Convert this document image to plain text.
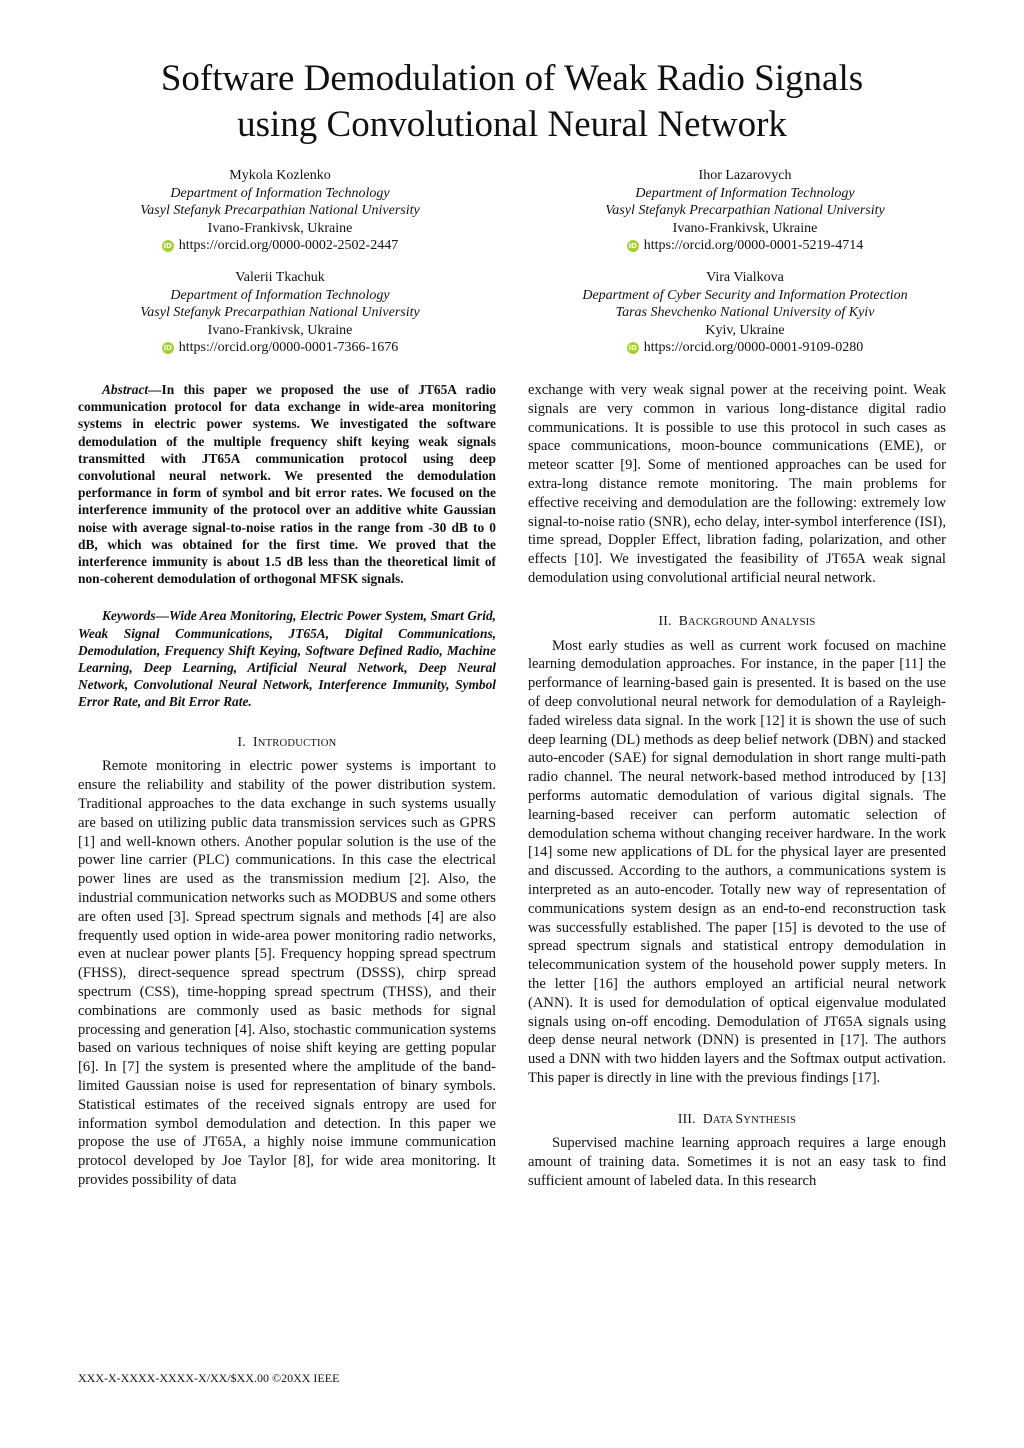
Software Demodulation of Weak Radio Signals
using Convolutional Neural Network
Mykola Kozlenko
Department of Information Technology
Vasyl Stefanyk Precarpathian National University
Ivano-Frankivsk, Ukraine
iD https://orcid.org/0000-0002-2502-2447
Ihor Lazarovych
Department of Information Technology
Vasyl Stefanyk Precarpathian National University
Ivano-Frankivsk, Ukraine
iD https://orcid.org/0000-0001-5219-4714
Valerii Tkachuk
Department of Information Technology
Vasyl Stefanyk Precarpathian National University
Ivano-Frankivsk, Ukraine
iD https://orcid.org/0000-0001-7366-1676
Vira Vialkova
Department of Cyber Security and Information Protection
Taras Shevchenko National University of Kyiv
Kyiv, Ukraine
iD https://orcid.org/0000-0001-9109-0280

Abstract—In this paper we proposed the use of JT65A radio communication protocol for data exchange in wide-area monitoring systems in electric power systems. We investigated the software demodulation of the multiple frequency shift keying weak signals transmitted with JT65A communication protocol using deep convolutional neural network. We presented the demodulation performance in form of symbol and bit error rates. We focused on the interference immunity of the protocol over an additive white Gaussian noise with average signal-to-noise ratios in the range from -30 dB to 0 dB, which was obtained for the first time. We proved that the interference immunity is about 1.5 dB less than the theoretical limit of non-coherent demodulation of orthogonal MFSK signals.

Keywords—Wide Area Monitoring, Electric Power System, Smart Grid, Weak Signal Communications, JT65A, Digital Communications, Demodulation, Frequency Shift Keying, Software Defined Radio, Machine Learning, Deep Learning, Artificial Neural Network, Deep Neural Network, Convolutional Neural Network, Interference Immunity, Symbol Error Rate, and Bit Error Rate.

I. INTRODUCTION

Remote monitoring in electric power systems is important to ensure the reliability and stability of the power distribution system. Traditional approaches to the data exchange in such systems usually are based on utilizing public data transmission services such as GPRS [1] and well-known others. Another popular solution is the use of the power line carrier (PLC) communications. In this case the electrical power lines are used as the transmission medium [2]. Also, the industrial communication networks such as MODBUS and some others are often used [3]. Spread spectrum signals and methods [4] are also frequently used option in wide-area power monitoring radio networks, even at nuclear power plants [5]. Frequency hopping spread spectrum (FHSS), direct-sequence spread spectrum (DSSS), chirp spread spectrum (CSS), time-hopping spread spectrum (THSS), and their combinations are commonly used as basic methods for signal processing and generation [4]. Also, stochastic communication systems based on various techniques of noise shift keying are getting popular [6]. In [7] the system is presented where the amplitude of the band-limited Gaussian noise is used for representation of binary symbols. Statistical estimates of the received signals entropy are used for information symbol demodulation and detection. In this paper we propose the use of JT65A, a highly noise immune communication protocol developed by Joe Taylor [8], for wide area monitoring. It provides possibility of data

exchange with very weak signal power at the receiving point. Weak signals are very common in various long-distance digital radio communications. It is possible to use this protocol in such cases as space communications, moon-bounce communications (EME), or meteor scatter [9]. Some of mentioned approaches can be used for extra-long distance remote monitoring. The main problems for effective receiving and demodulation are the following: extremely low signal-to-noise ratio (SNR), echo delay, inter-symbol interference (ISI), time spread, Doppler Effect, libration fading, polarization, and other effects [10]. We investigated the feasibility of JT65A weak signal demodulation using convolutional artificial neural network.

II. BACKGROUND ANALYSIS

Most early studies as well as current work focused on machine learning demodulation approaches. For instance, in the paper [11] the performance of learning-based gain is presented. It is based on the use of deep convolutional neural network for demodulation of a Rayleigh-faded wireless data signal. In the work [12] it is shown the use of such deep learning (DL) methods as deep belief network (DBN) and stacked auto-encoder (SAE) for signal demodulation in short range multi-path radio channel. The neural network-based method introduced by [13] performs automatic demodulation of various digital signals. The learning-based receiver can perform automatic selection of demodulation schema without changing receiver hardware. In the work [14] some new applications of DL for the physical layer are presented and discussed. According to the authors, a communications system is interpreted as an auto-encoder. Totally new way of representation of communications system design as an end-to-end reconstruction task was successfully established. The paper [15] is devoted to the use of spread spectrum signals and statistical entropy demodulation in telecommunication system of the household power supply meters. In the letter [16] the authors employed an artificial neural network (ANN). It is used for demodulation of optical eigenvalue modulated signals using on-off encoding. Demodulation of JT65A signals using deep dense neural network (DNN) is presented in [17]. The authors used a DNN with two hidden layers and the Softmax output activation. This paper is directly in line with the previous findings [17].

III. DATA SYNTHESIS

Supervised machine learning approach requires a large enough amount of training data. Sometimes it is not an easy task to find sufficient amount of labeled data. In this research

XXX-X-XXXX-XXXX-X/XX/$XX.00 ©20XX IEEE
